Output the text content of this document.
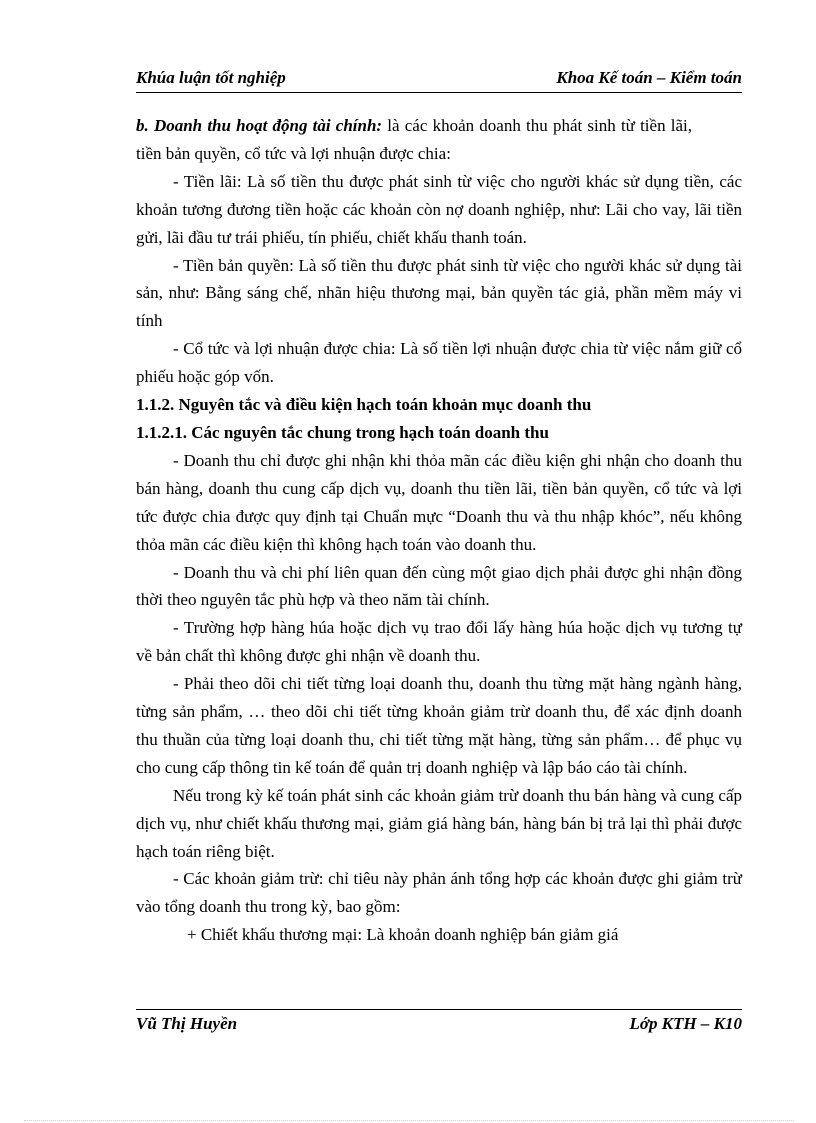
Khúa luận tốt nghiệp	Khoa Kế toán – Kiểm toán

b. Doanh thu hoạt động tài chính: là các khoản doanh thu phát sinh từ tiền lãi, tiền bản quyền, cổ tức và lợi nhuận được chia:

- Tiền lãi: Là số tiền thu được phát sinh từ việc cho người khác sử dụng tiền, các khoản tương đương tiền hoặc các khoản còn nợ doanh nghiệp, như: Lãi cho vay, lãi tiền gửi, lãi đầu tư trái phiếu, tín phiếu, chiết khấu thanh toán.

- Tiền bản quyền: Là số tiền thu được phát sinh từ việc cho người khác sử dụng tài sản, như: Bằng sáng chế, nhãn hiệu thương mại, bản quyền tác giả, phần mềm máy vi tính

- Cổ tức và lợi nhuận được chia: Là số tiền lợi nhuận được chia từ việc nắm giữ cổ phiếu hoặc góp vốn.

1.1.2. Nguyên tắc và điều kiện hạch toán khoản mục doanh thu

1.1.2.1. Các nguyên tắc chung trong hạch toán doanh thu

- Doanh thu chỉ được ghi nhận khi thỏa mãn các điều kiện ghi nhận cho doanh thu bán hàng, doanh thu cung cấp dịch vụ, doanh thu tiền lãi, tiền bản quyền, cổ tức và lợi tức được chia được quy định tại Chuẩn mực “Doanh thu và thu nhập khóc”, nếu không thỏa mãn các điều kiện thì không hạch toán vào doanh thu.

- Doanh thu và chi phí liên quan đến cùng một giao dịch phải được ghi nhận đồng thời theo nguyên tắc phù hợp và theo năm tài chính.

- Trường hợp hàng húa hoặc dịch vụ trao đổi lấy hàng húa hoặc dịch vụ tương tự về bản chất thì không được ghi nhận về doanh thu.

- Phải theo dõi chi tiết từng loại doanh thu, doanh thu từng mặt hàng ngành hàng, từng sản phẩm, … theo dõi chi tiết từng khoản giảm trừ doanh thu, để xác định doanh thu thuần của từng loại doanh thu, chi tiết từng mặt hàng, từng sản phẩm… để phục vụ cho cung cấp thông tin kế toán để quản trị doanh nghiệp và lập báo cáo tài chính.

Nếu trong kỳ kế toán phát sinh các khoản giảm trừ doanh thu bán hàng và cung cấp dịch vụ, như chiết khấu thương mại, giảm giá hàng bán, hàng bán bị trả lại thì phải được hạch toán riêng biệt.

- Các khoản giảm trừ: chỉ tiêu này phản ánh tổng hợp các khoản được ghi giảm trừ vào tổng doanh thu trong kỳ, bao gồm:

+ Chiết khấu thương mại: Là khoản doanh nghiệp bán giảm giá

Vũ Thị Huyền	Lớp KTH – K10
